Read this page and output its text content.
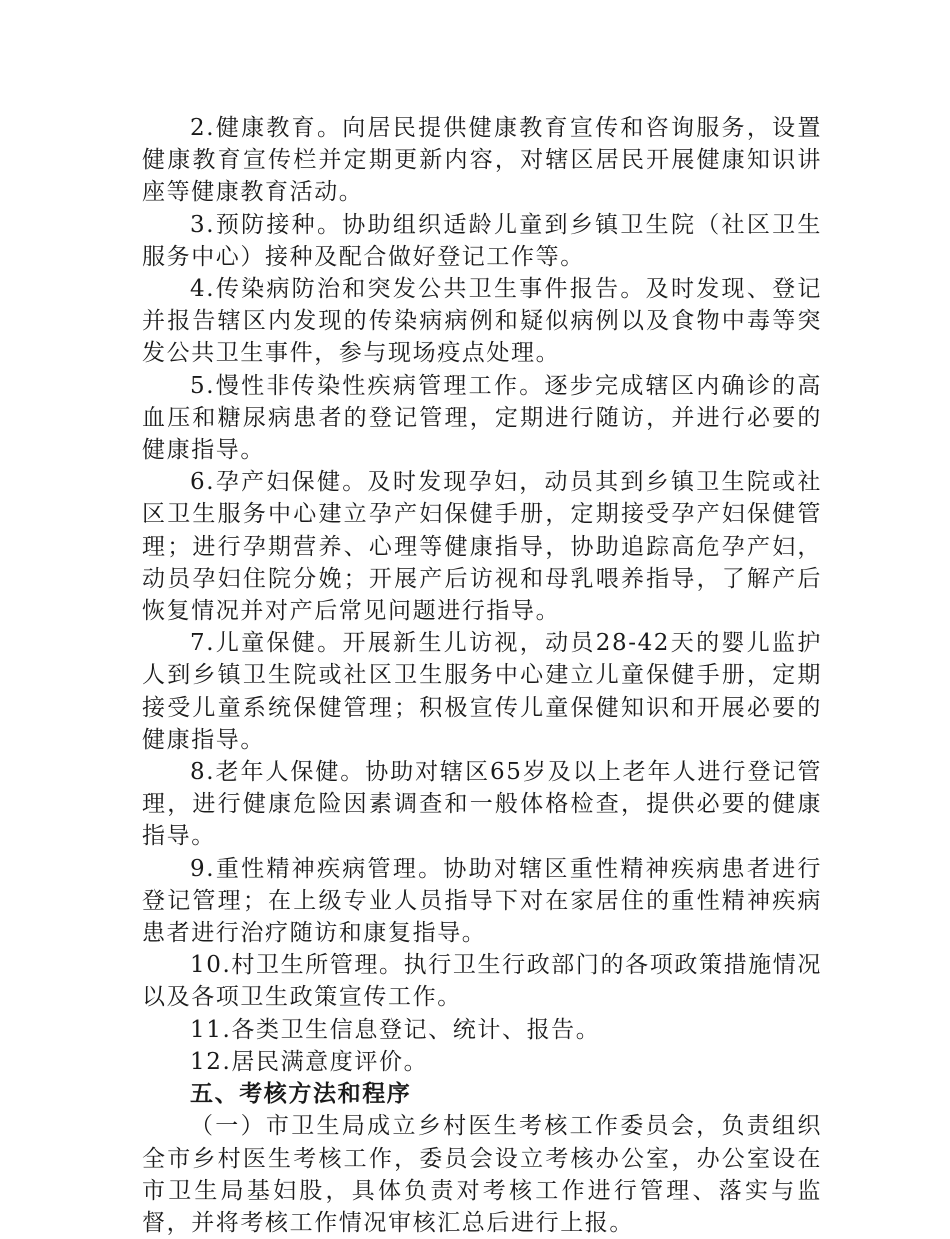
2.健康教育。向居民提供健康教育宣传和咨询服务，设置健康教育宣传栏并定期更新内容，对辖区居民开展健康知识讲座等健康教育活动。

3.预防接种。协助组织适龄儿童到乡镇卫生院（社区卫生服务中心）接种及配合做好登记工作等。

4.传染病防治和突发公共卫生事件报告。及时发现、登记并报告辖区内发现的传染病病例和疑似病例以及食物中毒等突发公共卫生事件，参与现场疫点处理。

5.慢性非传染性疾病管理工作。逐步完成辖区内确诊的高血压和糖尿病患者的登记管理，定期进行随访，并进行必要的健康指导。

6.孕产妇保健。及时发现孕妇，动员其到乡镇卫生院或社区卫生服务中心建立孕产妇保健手册，定期接受孕产妇保健管理；进行孕期营养、心理等健康指导，协助追踪高危孕产妇，动员孕妇住院分娩；开展产后访视和母乳喂养指导，了解产后恢复情况并对产后常见问题进行指导。

7.儿童保健。开展新生儿访视，动员28-42天的婴儿监护人到乡镇卫生院或社区卫生服务中心建立儿童保健手册，定期接受儿童系统保健管理；积极宣传儿童保健知识和开展必要的健康指导。

8.老年人保健。协助对辖区65岁及以上老年人进行登记管理，进行健康危险因素调查和一般体格检查，提供必要的健康指导。

9.重性精神疾病管理。协助对辖区重性精神疾病患者进行登记管理；在上级专业人员指导下对在家居住的重性精神疾病患者进行治疗随访和康复指导。

10.村卫生所管理。执行卫生行政部门的各项政策措施情况以及各项卫生政策宣传工作。

11.各类卫生信息登记、统计、报告。

12.居民满意度评价。

五、考核方法和程序

（一）市卫生局成立乡村医生考核工作委员会，负责组织全市乡村医生考核工作，委员会设立考核办公室，办公室设在市卫生局基妇股，具体负责对考核工作进行管理、落实与监督，并将考核工作情况审核汇总后进行上报。
